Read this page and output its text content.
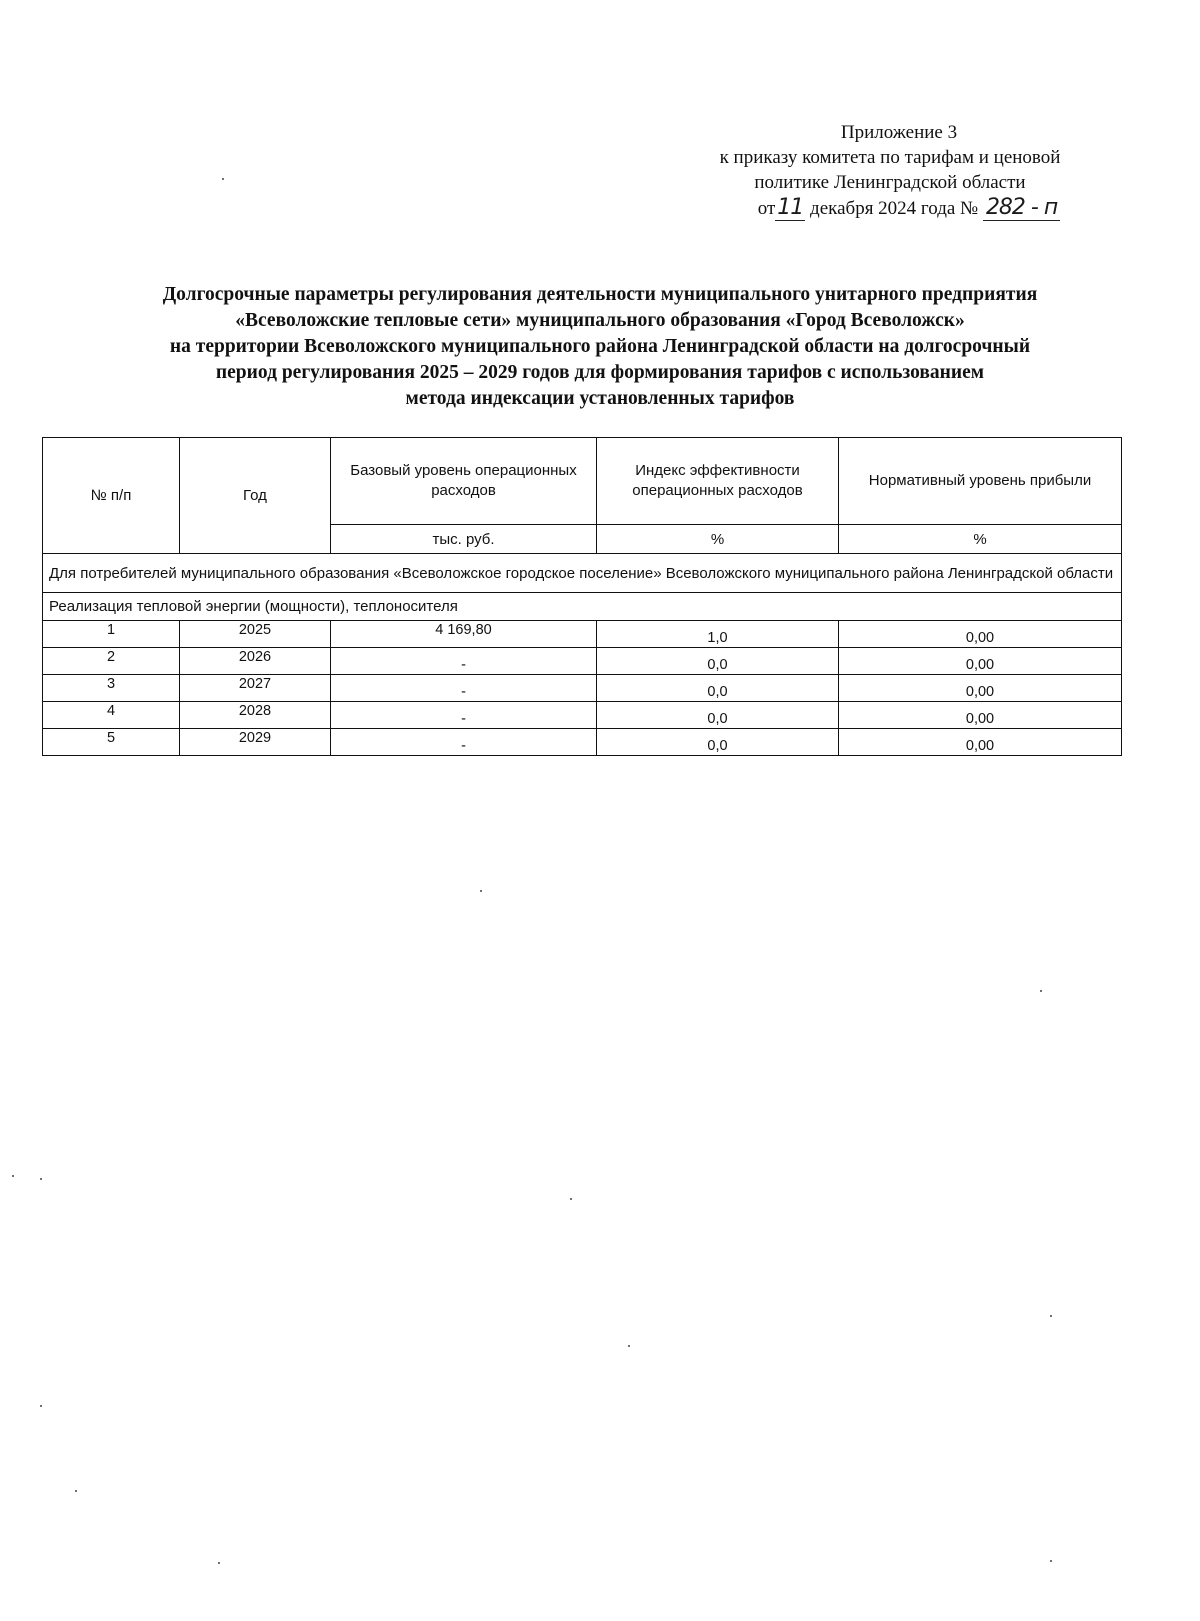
Приложение 3
к приказу комитета по тарифам и ценовой
политике Ленинградской области
от11 декабря 2024 года № 282 - п
Долгосрочные параметры регулирования деятельности муниципального унитарного предприятия
«Всеволожские тепловые сети» муниципального образования «Город Всеволожск»
на территории Всеволожского муниципального района Ленинградской области на долгосрочный
период регулирования 2025 – 2029 годов для формирования тарифов с использованием
метода индексации установленных тарифов
№ п/п	Год	Базовый уровень операционных расходов	Индекс эффективности операционных расходов	Нормативный уровень прибыли
		тыс. руб.	%	%
Для потребителей муниципального образования «Всеволожское городское поселение» Всеволожского муниципального района Ленинградской области				
Реализация тепловой энергии (мощности), теплоносителя				
1	2025	4 169,80	1,0	0,00
2	2026	-	0,0	0,00
3	2027	-	0,0	0,00
4	2028	-	0,0	0,00
5	2029	-	0,0	0,00
